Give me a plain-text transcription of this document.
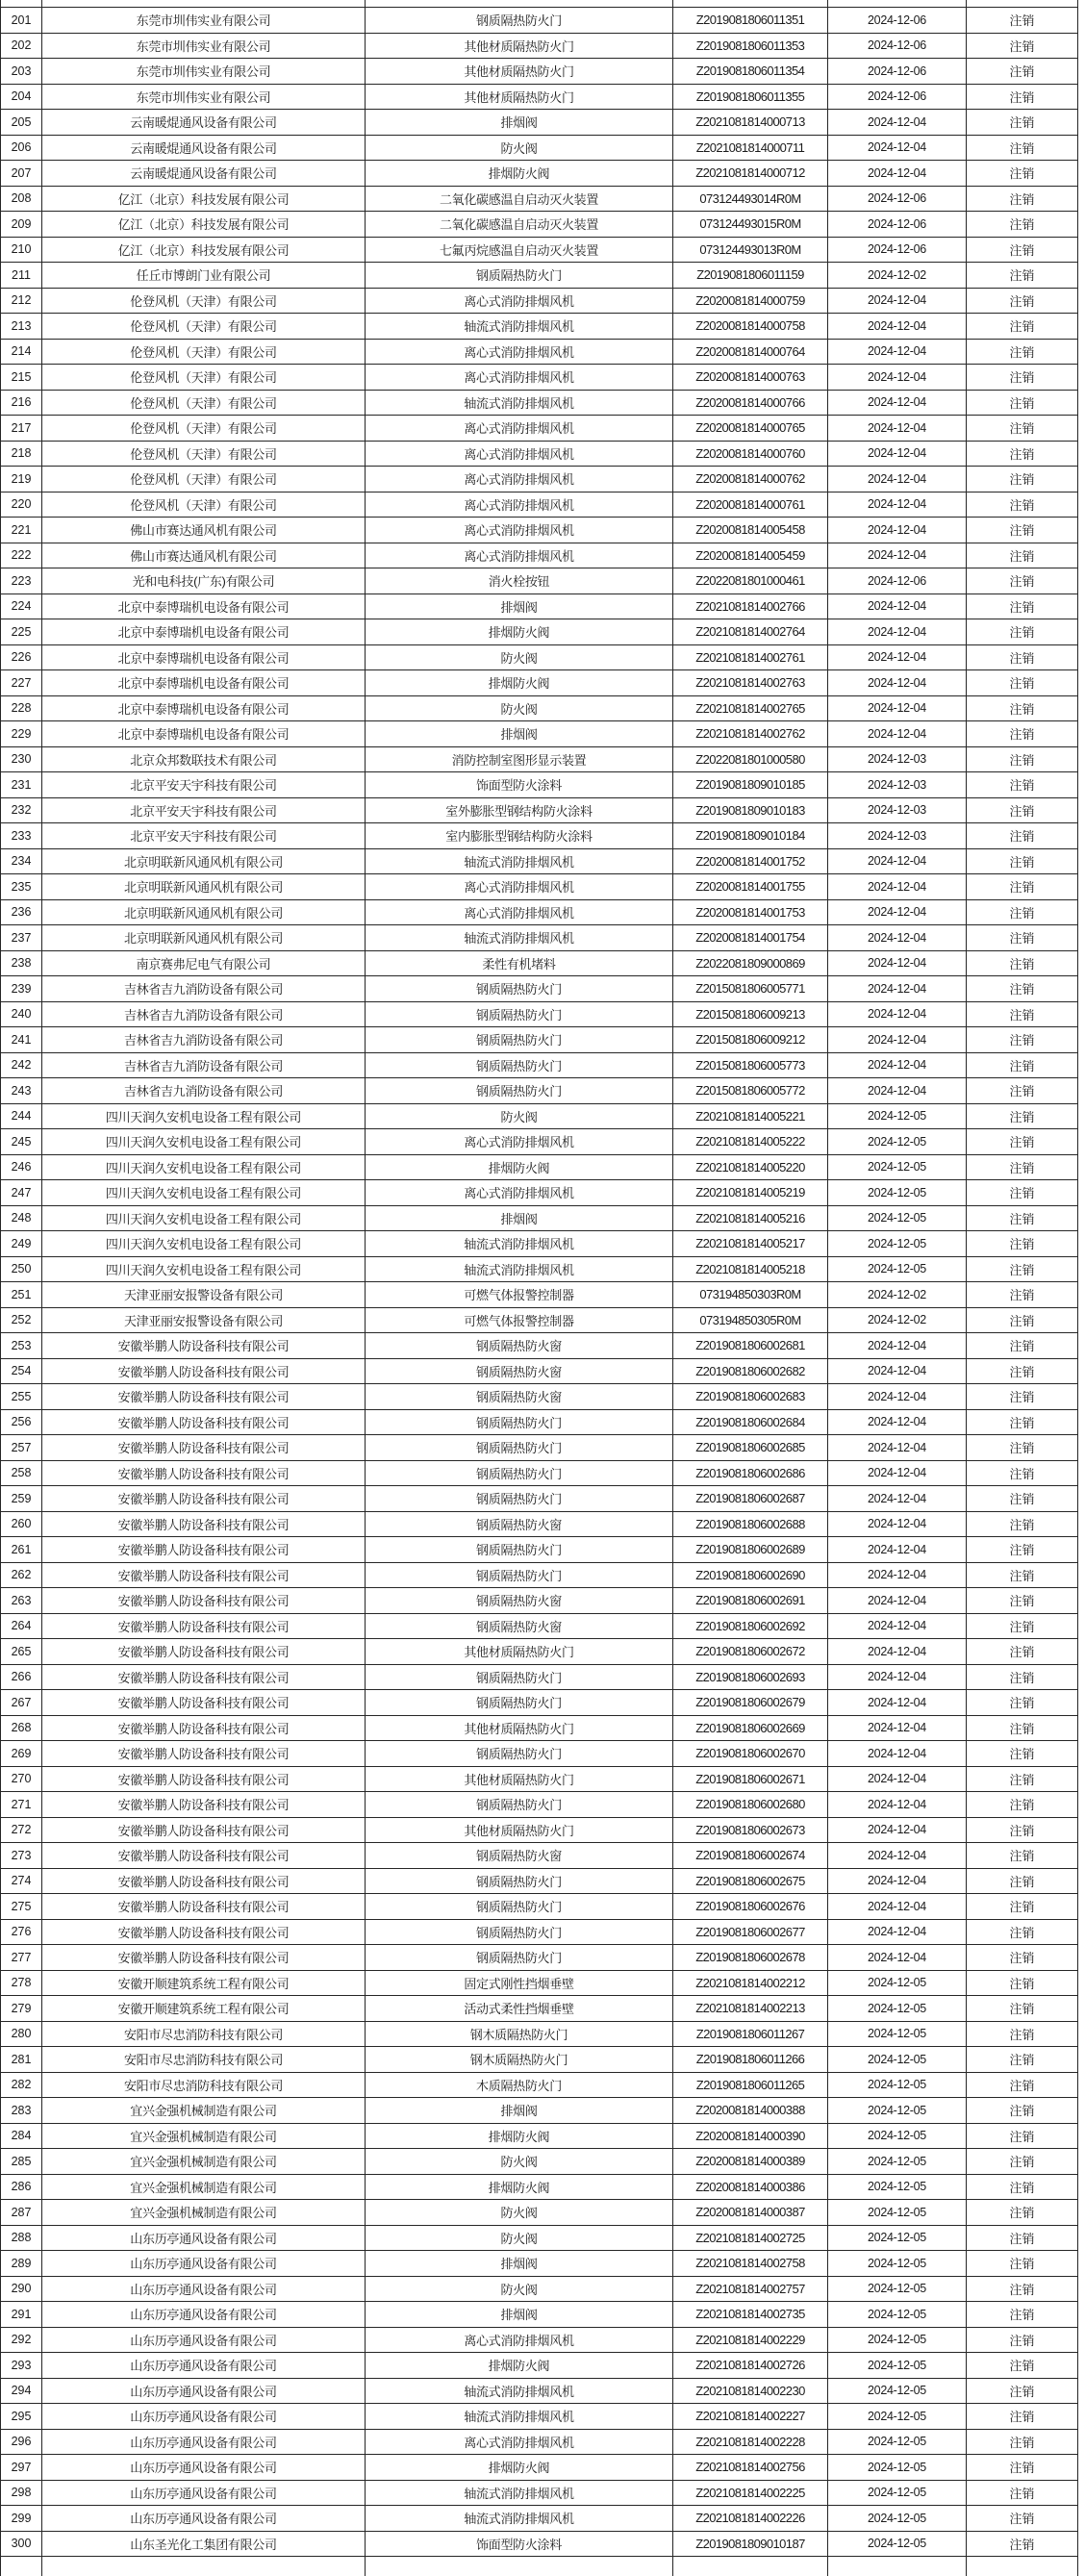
201	东莞市圳伟实业有限公司	钢质隔热防火门	Z2019081806011351	2024-12-06	注销
202	东莞市圳伟实业有限公司	其他材质隔热防火门	Z2019081806011353	2024-12-06	注销
203	东莞市圳伟实业有限公司	其他材质隔热防火门	Z2019081806011354	2024-12-06	注销
204	东莞市圳伟实业有限公司	其他材质隔热防火门	Z2019081806011355	2024-12-06	注销
205	云南暖焜通风设备有限公司	排烟阀	Z2021081814000713	2024-12-04	注销
206	云南暖焜通风设备有限公司	防火阀	Z2021081814000711	2024-12-04	注销
207	云南暖焜通风设备有限公司	排烟防火阀	Z2021081814000712	2024-12-04	注销
208	亿江（北京）科技发展有限公司	二氧化碳感温自启动灭火装置	073124493014R0M	2024-12-06	注销
209	亿江（北京）科技发展有限公司	二氧化碳感温自启动灭火装置	073124493015R0M	2024-12-06	注销
210	亿江（北京）科技发展有限公司	七氟丙烷感温自启动灭火装置	073124493013R0M	2024-12-06	注销
211	任丘市博朗门业有限公司	钢质隔热防火门	Z2019081806011159	2024-12-02	注销
212	伦登风机（天津）有限公司	离心式消防排烟风机	Z2020081814000759	2024-12-04	注销
213	伦登风机（天津）有限公司	轴流式消防排烟风机	Z2020081814000758	2024-12-04	注销
214	伦登风机（天津）有限公司	离心式消防排烟风机	Z2020081814000764	2024-12-04	注销
215	伦登风机（天津）有限公司	离心式消防排烟风机	Z2020081814000763	2024-12-04	注销
216	伦登风机（天津）有限公司	轴流式消防排烟风机	Z2020081814000766	2024-12-04	注销
217	伦登风机（天津）有限公司	离心式消防排烟风机	Z2020081814000765	2024-12-04	注销
218	伦登风机（天津）有限公司	离心式消防排烟风机	Z2020081814000760	2024-12-04	注销
219	伦登风机（天津）有限公司	离心式消防排烟风机	Z2020081814000762	2024-12-04	注销
220	伦登风机（天津）有限公司	离心式消防排烟风机	Z2020081814000761	2024-12-04	注销
221	佛山市赛达通风机有限公司	离心式消防排烟风机	Z2020081814005458	2024-12-04	注销
222	佛山市赛达通风机有限公司	离心式消防排烟风机	Z2020081814005459	2024-12-04	注销
223	光和电科技(广东)有限公司	消火栓按钮	Z2022081801000461	2024-12-06	注销
224	北京中泰博瑞机电设备有限公司	排烟阀	Z2021081814002766	2024-12-04	注销
225	北京中泰博瑞机电设备有限公司	排烟防火阀	Z2021081814002764	2024-12-04	注销
226	北京中泰博瑞机电设备有限公司	防火阀	Z2021081814002761	2024-12-04	注销
227	北京中泰博瑞机电设备有限公司	排烟防火阀	Z2021081814002763	2024-12-04	注销
228	北京中泰博瑞机电设备有限公司	防火阀	Z2021081814002765	2024-12-04	注销
229	北京中泰博瑞机电设备有限公司	排烟阀	Z2021081814002762	2024-12-04	注销
230	北京众邦数联技术有限公司	消防控制室图形显示装置	Z2022081801000580	2024-12-03	注销
231	北京平安天宇科技有限公司	饰面型防火涂料	Z2019081809010185	2024-12-03	注销
232	北京平安天宇科技有限公司	室外膨胀型钢结构防火涂料	Z2019081809010183	2024-12-03	注销
233	北京平安天宇科技有限公司	室内膨胀型钢结构防火涂料	Z2019081809010184	2024-12-03	注销
234	北京明联新风通风机有限公司	轴流式消防排烟风机	Z2020081814001752	2024-12-04	注销
235	北京明联新风通风机有限公司	离心式消防排烟风机	Z2020081814001755	2024-12-04	注销
236	北京明联新风通风机有限公司	离心式消防排烟风机	Z2020081814001753	2024-12-04	注销
237	北京明联新风通风机有限公司	轴流式消防排烟风机	Z2020081814001754	2024-12-04	注销
238	南京赛弗尼电气有限公司	柔性有机堵料	Z2022081809000869	2024-12-04	注销
239	吉林省吉九消防设备有限公司	钢质隔热防火门	Z2015081806005771	2024-12-04	注销
240	吉林省吉九消防设备有限公司	钢质隔热防火门	Z2015081806009213	2024-12-04	注销
241	吉林省吉九消防设备有限公司	钢质隔热防火门	Z2015081806009212	2024-12-04	注销
242	吉林省吉九消防设备有限公司	钢质隔热防火门	Z2015081806005773	2024-12-04	注销
243	吉林省吉九消防设备有限公司	钢质隔热防火门	Z2015081806005772	2024-12-04	注销
244	四川天润久安机电设备工程有限公司	防火阀	Z2021081814005221	2024-12-05	注销
245	四川天润久安机电设备工程有限公司	离心式消防排烟风机	Z2021081814005222	2024-12-05	注销
246	四川天润久安机电设备工程有限公司	排烟防火阀	Z2021081814005220	2024-12-05	注销
247	四川天润久安机电设备工程有限公司	离心式消防排烟风机	Z2021081814005219	2024-12-05	注销
248	四川天润久安机电设备工程有限公司	排烟阀	Z2021081814005216	2024-12-05	注销
249	四川天润久安机电设备工程有限公司	轴流式消防排烟风机	Z2021081814005217	2024-12-05	注销
250	四川天润久安机电设备工程有限公司	轴流式消防排烟风机	Z2021081814005218	2024-12-05	注销
251	天津亚丽安报警设备有限公司	可燃气体报警控制器	073194850303R0M	2024-12-02	注销
252	天津亚丽安报警设备有限公司	可燃气体报警控制器	073194850305R0M	2024-12-02	注销
253	安徽举鹏人防设备科技有限公司	钢质隔热防火窗	Z2019081806002681	2024-12-04	注销
254	安徽举鹏人防设备科技有限公司	钢质隔热防火窗	Z2019081806002682	2024-12-04	注销
255	安徽举鹏人防设备科技有限公司	钢质隔热防火窗	Z2019081806002683	2024-12-04	注销
256	安徽举鹏人防设备科技有限公司	钢质隔热防火门	Z2019081806002684	2024-12-04	注销
257	安徽举鹏人防设备科技有限公司	钢质隔热防火门	Z2019081806002685	2024-12-04	注销
258	安徽举鹏人防设备科技有限公司	钢质隔热防火门	Z2019081806002686	2024-12-04	注销
259	安徽举鹏人防设备科技有限公司	钢质隔热防火门	Z2019081806002687	2024-12-04	注销
260	安徽举鹏人防设备科技有限公司	钢质隔热防火窗	Z2019081806002688	2024-12-04	注销
261	安徽举鹏人防设备科技有限公司	钢质隔热防火门	Z2019081806002689	2024-12-04	注销
262	安徽举鹏人防设备科技有限公司	钢质隔热防火门	Z2019081806002690	2024-12-04	注销
263	安徽举鹏人防设备科技有限公司	钢质隔热防火窗	Z2019081806002691	2024-12-04	注销
264	安徽举鹏人防设备科技有限公司	钢质隔热防火窗	Z2019081806002692	2024-12-04	注销
265	安徽举鹏人防设备科技有限公司	其他材质隔热防火门	Z2019081806002672	2024-12-04	注销
266	安徽举鹏人防设备科技有限公司	钢质隔热防火门	Z2019081806002693	2024-12-04	注销
267	安徽举鹏人防设备科技有限公司	钢质隔热防火门	Z2019081806002679	2024-12-04	注销
268	安徽举鹏人防设备科技有限公司	其他材质隔热防火门	Z2019081806002669	2024-12-04	注销
269	安徽举鹏人防设备科技有限公司	钢质隔热防火门	Z2019081806002670	2024-12-04	注销
270	安徽举鹏人防设备科技有限公司	其他材质隔热防火门	Z2019081806002671	2024-12-04	注销
271	安徽举鹏人防设备科技有限公司	钢质隔热防火门	Z2019081806002680	2024-12-04	注销
272	安徽举鹏人防设备科技有限公司	其他材质隔热防火门	Z2019081806002673	2024-12-04	注销
273	安徽举鹏人防设备科技有限公司	钢质隔热防火窗	Z2019081806002674	2024-12-04	注销
274	安徽举鹏人防设备科技有限公司	钢质隔热防火门	Z2019081806002675	2024-12-04	注销
275	安徽举鹏人防设备科技有限公司	钢质隔热防火门	Z2019081806002676	2024-12-04	注销
276	安徽举鹏人防设备科技有限公司	钢质隔热防火门	Z2019081806002677	2024-12-04	注销
277	安徽举鹏人防设备科技有限公司	钢质隔热防火门	Z2019081806002678	2024-12-04	注销
278	安徽开顺建筑系统工程有限公司	固定式刚性挡烟垂壁	Z2021081814002212	2024-12-05	注销
279	安徽开顺建筑系统工程有限公司	活动式柔性挡烟垂壁	Z2021081814002213	2024-12-05	注销
280	安阳市尽忠消防科技有限公司	钢木质隔热防火门	Z2019081806011267	2024-12-05	注销
281	安阳市尽忠消防科技有限公司	钢木质隔热防火门	Z2019081806011266	2024-12-05	注销
282	安阳市尽忠消防科技有限公司	木质隔热防火门	Z2019081806011265	2024-12-05	注销
283	宜兴金强机械制造有限公司	排烟阀	Z2020081814000388	2024-12-05	注销
284	宜兴金强机械制造有限公司	排烟防火阀	Z2020081814000390	2024-12-05	注销
285	宜兴金强机械制造有限公司	防火阀	Z2020081814000389	2024-12-05	注销
286	宜兴金强机械制造有限公司	排烟防火阀	Z2020081814000386	2024-12-05	注销
287	宜兴金强机械制造有限公司	防火阀	Z2020081814000387	2024-12-05	注销
288	山东历亭通风设备有限公司	防火阀	Z2021081814002725	2024-12-05	注销
289	山东历亭通风设备有限公司	排烟阀	Z2021081814002758	2024-12-05	注销
290	山东历亭通风设备有限公司	防火阀	Z2021081814002757	2024-12-05	注销
291	山东历亭通风设备有限公司	排烟阀	Z2021081814002735	2024-12-05	注销
292	山东历亭通风设备有限公司	离心式消防排烟风机	Z2021081814002229	2024-12-05	注销
293	山东历亭通风设备有限公司	排烟防火阀	Z2021081814002726	2024-12-05	注销
294	山东历亭通风设备有限公司	轴流式消防排烟风机	Z2021081814002230	2024-12-05	注销
295	山东历亭通风设备有限公司	轴流式消防排烟风机	Z2021081814002227	2024-12-05	注销
296	山东历亭通风设备有限公司	离心式消防排烟风机	Z2021081814002228	2024-12-05	注销
297	山东历亭通风设备有限公司	排烟防火阀	Z2021081814002756	2024-12-05	注销
298	山东历亭通风设备有限公司	轴流式消防排烟风机	Z2021081814002225	2024-12-05	注销
299	山东历亭通风设备有限公司	轴流式消防排烟风机	Z2021081814002226	2024-12-05	注销
300	山东圣光化工集团有限公司	饰面型防火涂料	Z2019081809010187	2024-12-05	注销
